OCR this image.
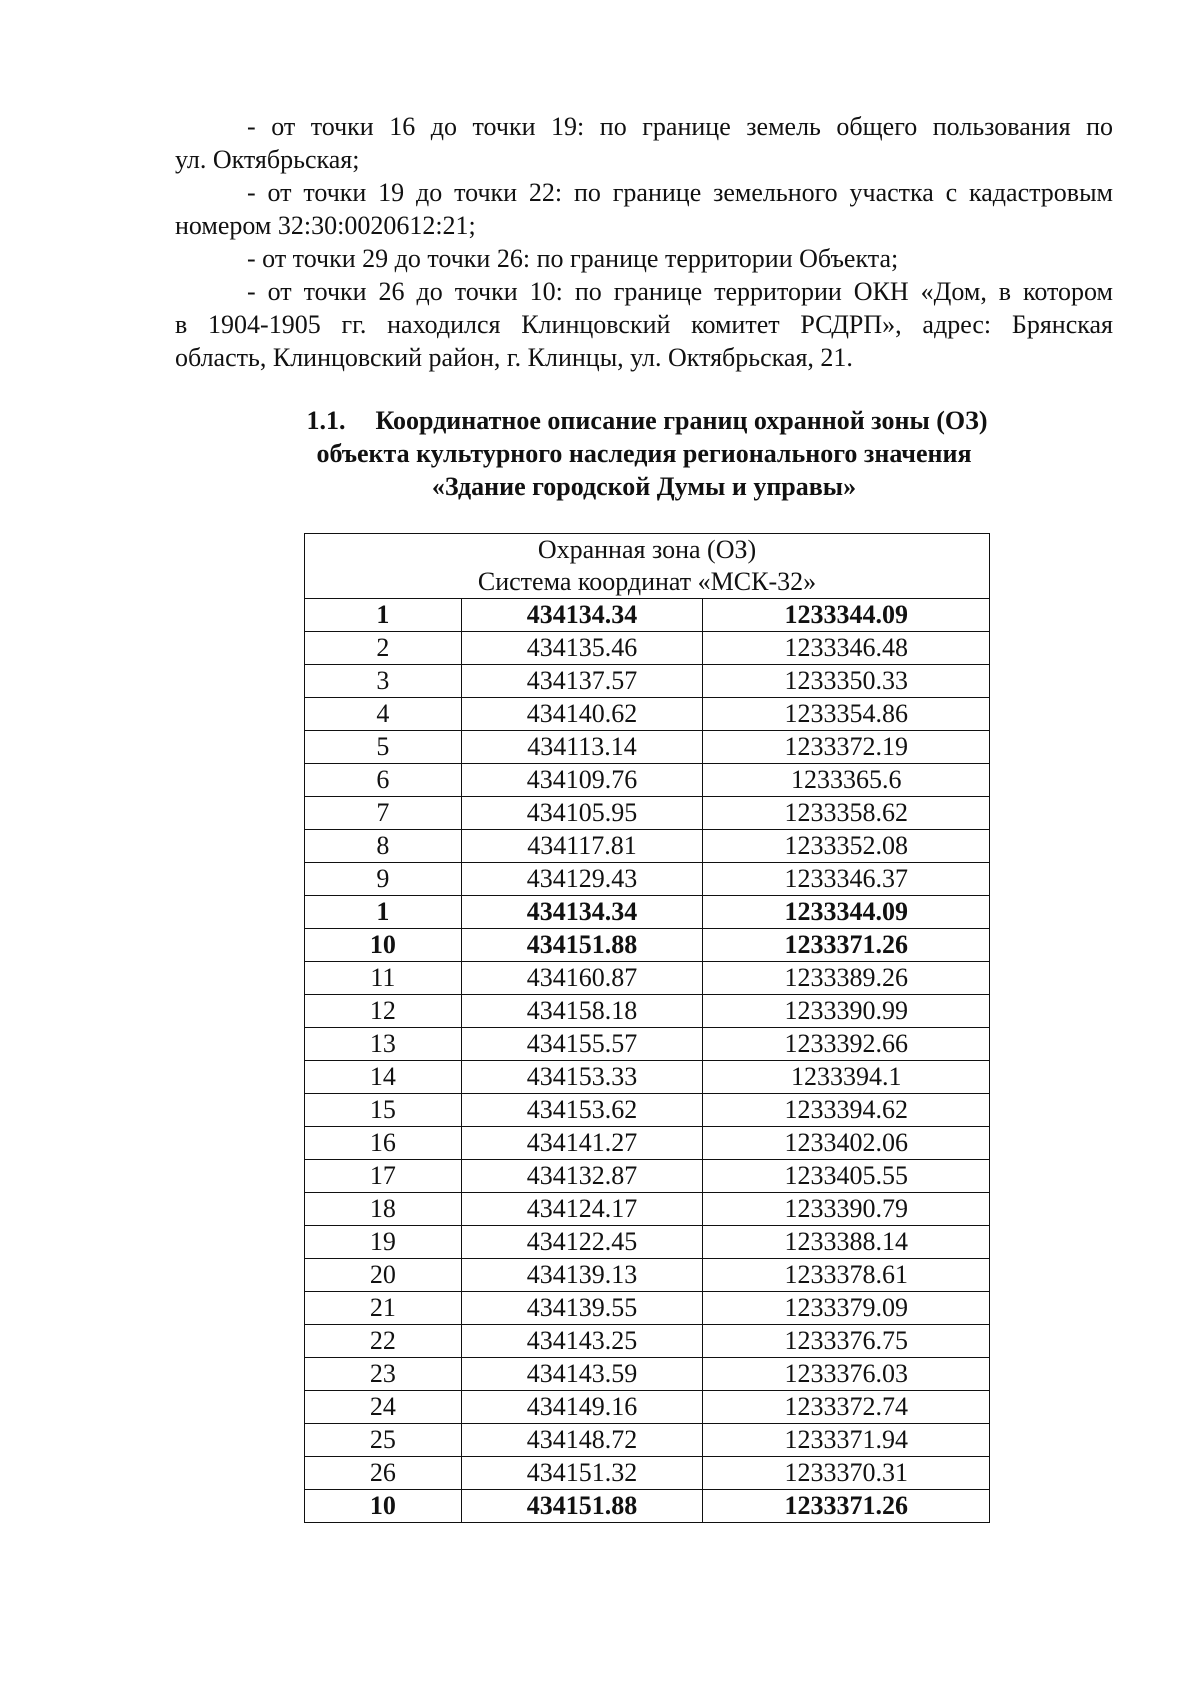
- от точки 16 до точки 19: по границе земель общего пользования по
ул. Октябрьская;
- от точки 19 до точки 22: по границе земельного участка с кадастровым
номером 32:30:0020612:21;
- от точки 29 до точки 26: по границе территории Объекта;
- от точки 26 до точки 10: по границе территории ОКН «Дом, в котором
в 1904-1905 гг. находился Клинцовский комитет РСДРП», адрес: Брянская
область, Клинцовский район, г. Клинцы, ул. Октябрьская, 21.
1.1. Координатное описание границ охранной зоны (ОЗ)
объекта культурного наследия регионального значения
«Здание городской Думы и управы»
Охранная зона (ОЗ)
Система координат «МСК-32»		

1	434134.34	1233344.09
2	434135.46	1233346.48
3	434137.57	1233350.33
4	434140.62	1233354.86
5	434113.14	1233372.19
6	434109.76	1233365.6
7	434105.95	1233358.62
8	434117.81	1233352.08
9	434129.43	1233346.37
1	434134.34	1233344.09
10	434151.88	1233371.26
11	434160.87	1233389.26
12	434158.18	1233390.99
13	434155.57	1233392.66
14	434153.33	1233394.1
15	434153.62	1233394.62
16	434141.27	1233402.06
17	434132.87	1233405.55
18	434124.17	1233390.79
19	434122.45	1233388.14
20	434139.13	1233378.61
21	434139.55	1233379.09
22	434143.25	1233376.75
23	434143.59	1233376.03
24	434149.16	1233372.74
25	434148.72	1233371.94
26	434151.32	1233370.31
10	434151.88	1233371.26
